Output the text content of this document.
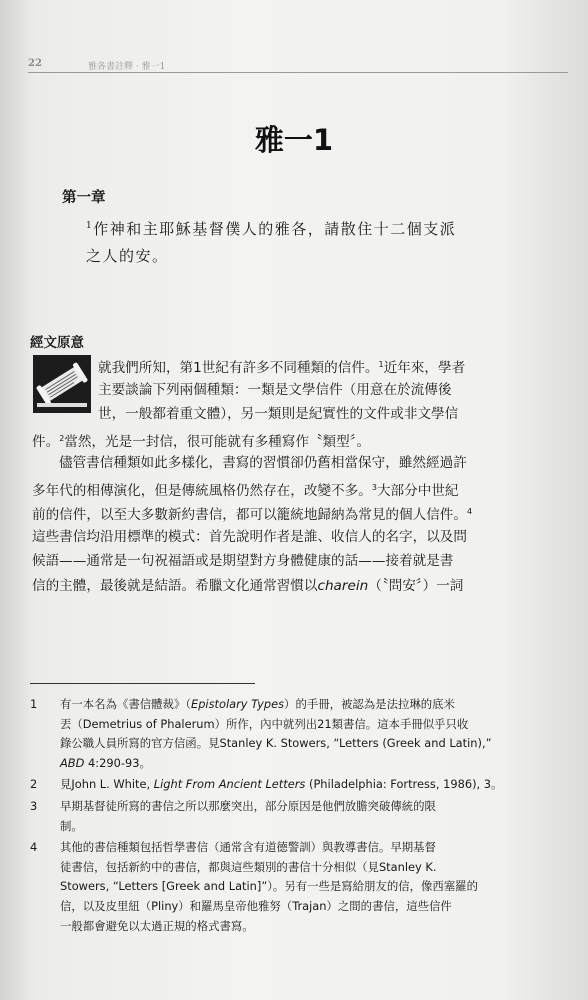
22	雅各書註釋 · 雅一1
雅一1
第一章
$^1$作神和主耶穌基督僕人的雅各，請散住十二個支派
之人的安。
經文原意
就我們所知，第1世紀有許多不同種類的信件。$^1$近年來，學者
主要談論下列兩個種類：一類是文學信件（用意在於流傳後
世，一般都着重文體），另一類則是紀實性的文件或非文學信
件。$^2$當然，光是一封信，很可能就有多種寫作〝類型〞。
儘管書信種類如此多樣化，書寫的習慣卻仍舊相當保守，雖然經過許
多年代的相傳演化，但是傳統風格仍然存在，改變不多。$^3$大部分中世紀
前的信件，以至大多數新約書信，都可以籠統地歸納為常見的個人信件。$^4$
這些書信均沿用標準的模式：首先說明作者是誰、收信人的名字，以及問
候語——通常是一句祝福語或是期望對方身體健康的話——接着就是書
信的主體，最後就是結語。希臘文化通常習慣以charein（〝問安〞）一詞
1 有一本名為《書信體裁》（Epistolary Types）的手冊，被認為是法拉琳的底米
丟（Demetrius of Phalerum）所作，內中就列出21類書信。這本手冊似乎只收
錄公職人員所寫的官方信函。見Stanley K. Stowers, “Letters (Greek and Latin),”
ABD 4:290-93。
2 見John L. White, Light From Ancient Letters (Philadelphia: Fortress, 1986), 3。
3 早期基督徒所寫的書信之所以那麼突出，部分原因是他們放膽突破傳統的限
制。
4 其他的書信種類包括哲學書信（通常含有道德警訓）與教導書信。早期基督
徒書信，包括新約中的書信，都與這些類別的書信十分相似（見Stanley K.
Stowers, “Letters [Greek and Latin]”）。另有一些是寫給朋友的信，像西塞羅的
信，以及皮里紐（Pliny）和羅馬皇帝他雅努（Trajan）之間的書信，這些信件
一般都會避免以太過正規的格式書寫。
